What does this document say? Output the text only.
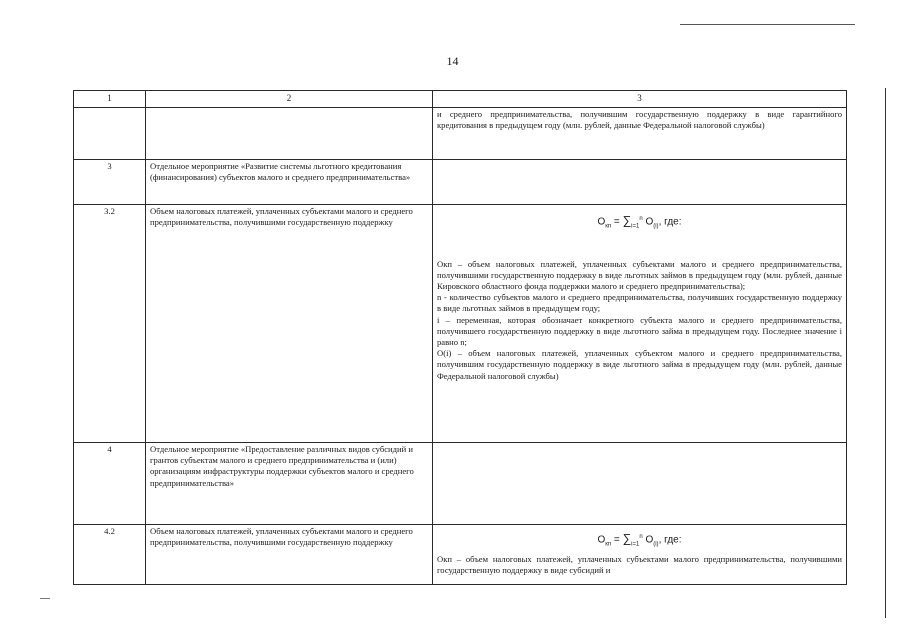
14
1	2	3
		и среднего предпринимательства, получившим государственную поддержку в виде гарантийного кредитования в предыдущем году (млн. рублей, данные Федеральной налоговой службы)
3	Отдельное мероприятие «Развитие системы льготного кредитования (финансирования) субъектов малого и среднего предпринимательства»	
3.2	Объем налоговых платежей, уплаченных субъектами малого и среднего предпринимательства, получившими государственную поддержку	$О_{кп} = \sum_{i=1}^n$ $О_{(i)}$, где:
Окп – объем налоговых платежей, уплаченных субъектами малого и среднего предпринимательства, получившими государственную поддержку в виде льготных займов в предыдущем году (млн. рублей, данные Кировского областного фонда поддержки малого и среднего предпринимательства);
n - количество субъектов малого и среднего предпринимательства, получивших государственную поддержку в виде льготных займов в предыдущем году;
i – переменная, которая обозначает конкретного субъекта малого и среднего предпринимательства, получившего государственную поддержку в виде льготного займа в предыдущем году. Последнее значение i равно n;
О(i) – объем налоговых платежей, уплаченных субъектом малого и среднего предпринимательства, получившим государственную поддержку в виде льготного займа в предыдущем году (млн. рублей, данные Федеральной налоговой службы)

4	Отдельное мероприятие «Предоставление различных видов субсидий и грантов субъектам малого и среднего предпринимательства и (или) организациям инфраструктуры поддержки субъектов малого и среднего предпринимательства»	
4.2	Объем налоговых платежей, уплаченных субъектами малого и среднего предпринимательства, получившими государственную поддержку	$О_{кп} = \sum_{i=1}^n$ $О_{(i)}$, где:
Окп – объем налоговых платежей, уплаченных субъектами малого предпринимательства, получившими государственную поддержку в виде субсидий и
